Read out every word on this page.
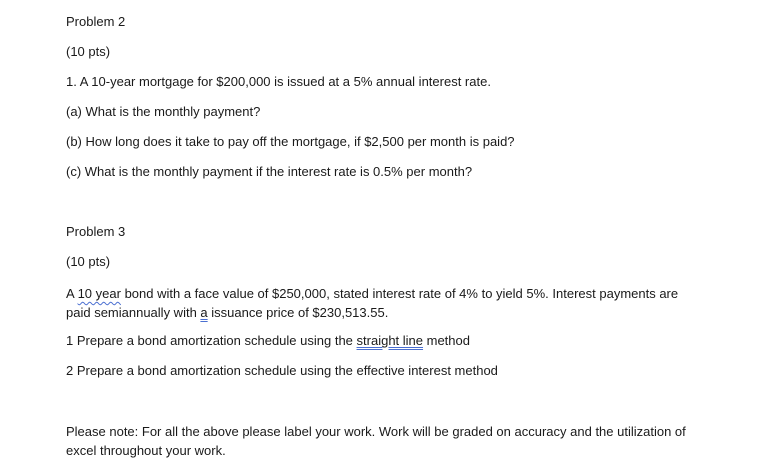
Problem 2
(10 pts)
1. A 10-year mortgage for $200,000 is issued at a 5% annual interest rate.
(a) What is the monthly payment?
(b) How long does it take to pay off the mortgage, if $2,500 per month is paid?
(c) What is the monthly payment if the interest rate is 0.5% per month?
Problem 3
(10 pts)
A 10 year bond with a face value of $250,000, stated interest rate of 4% to yield 5%. Interest payments are paid semiannually with a issuance price of $230,513.55.
1 Prepare a bond amortization schedule using the straight line method
2 Prepare a bond amortization schedule using the effective interest method
Please note: For all the above please label your work. Work will be graded on accuracy and the utilization of excel throughout your work.
